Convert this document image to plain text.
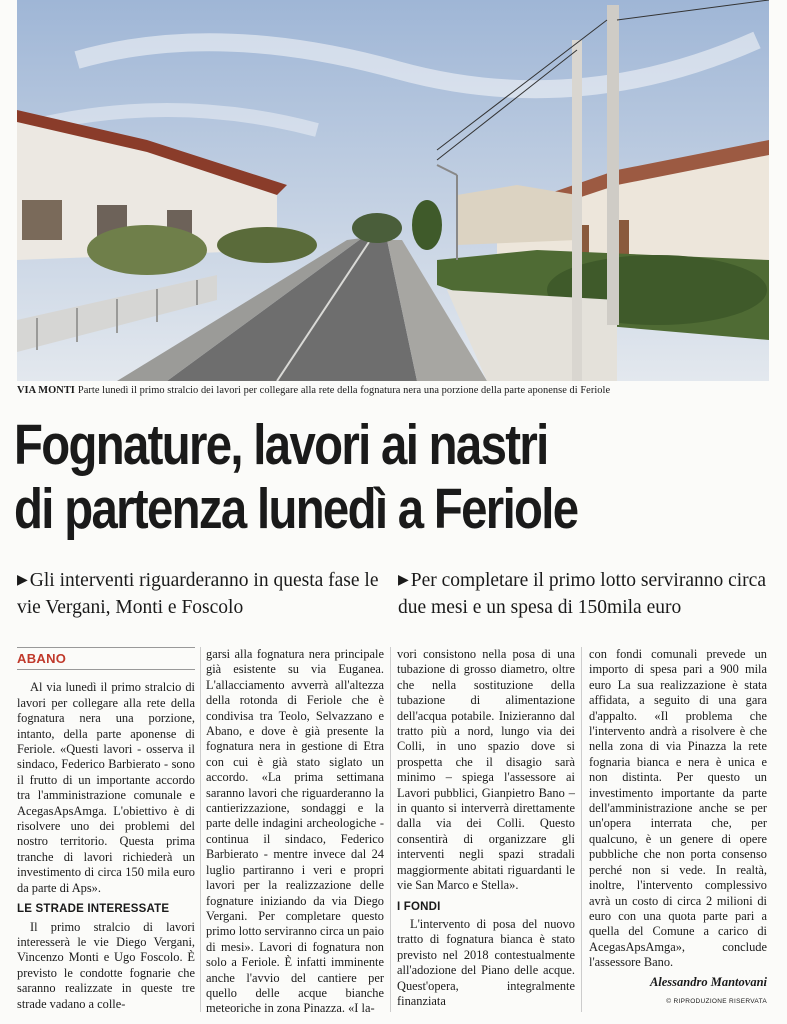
VIA MONTI Parte lunedì il primo stralcio dei lavori per collegare alla rete della fognatura nera una porzione della parte aponense di Feriole
Fognature, lavori ai nastri
di partenza lunedì a Feriole
▶ Gli interventi riguarderanno in questa fase le vie Vergani, Monti e Foscolo
▶ Per completare il primo lotto serviranno circa due mesi e un spesa di 150mila euro
ABANO

Al via lunedì il primo stralcio di lavori per collegare alla rete della fognatura nera una porzione, intanto, della parte aponense di Feriole. «Questi lavori - osserva il sindaco, Federico Barbierato - sono il frutto di un importante accordo tra l'amministrazione comunale e AcegasApsAmga. L'obiettivo è di risolvere uno dei problemi del nostro territorio. Questa prima tranche di lavori richiederà un investimento di circa 150 mila euro da parte di Aps».

LE STRADE INTERESSATE

Il primo stralcio di lavori interesserà le vie Diego Vergani, Vincenzo Monti e Ugo Foscolo. È previsto le condotte fognarie che saranno realizzate in queste tre strade vadano a colle-

garsi alla fognatura nera principale già esistente su via Euganea. L'allacciamento avverrà all'altezza della rotonda di Feriole che è condivisa tra Teolo, Selvazzano e Abano, e dove è già presente la fognatura nera in gestione di Etra con cui è già stato siglato un accordo. «La prima settimana saranno lavori che riguarderanno la cantierizzazione, sondaggi e la parte delle indagini archeologiche - continua il sindaco, Federico Barbierato - mentre invece dal 24 luglio partiranno i veri e propri lavori per la realizzazione delle fognature iniziando da via Diego Vergani. Per completare questo primo lotto serviranno circa un paio di mesi». Lavori di fognatura non solo a Feriole. È infatti imminente anche l'avvio del cantiere per quello delle acque bianche meteoriche in zona Pinazza. «I la-

vori consistono nella posa di una tubazione di grosso diametro, oltre che nella sostituzione della tubazione di alimentazione dell'acqua potabile. Inizieranno dal tratto più a nord, lungo via dei Colli, in uno spazio dove si prospetta che il disagio sarà minimo – spiega l'assessore ai Lavori pubblici, Gianpietro Bano – in quanto si interverrà direttamente dalla via dei Colli. Questo consentirà di organizzare gli interventi negli spazi stradali maggiormente abitati riguardanti le vie San Marco e Stella».

I FONDI

L'intervento di posa del nuovo tratto di fognatura bianca è stato previsto nel 2018 contestualmente all'adozione del Piano delle acque. Quest'opera, integralmente finanziata

con fondi comunali prevede un importo di spesa pari a 900 mila euro La sua realizzazione è stata affidata, a seguito di una gara d'appalto. «Il problema che l'intervento andrà a risolvere è che nella zona di via Pinazza la rete fognaria bianca e nera è unica e non distinta. Per questo un investimento importante da parte dell'amministrazione anche se per un'opera interrata che, per qualcuno, è un genere di opere pubbliche che non porta consenso perché non si vede. In realtà, inoltre, l'intervento complessivo avrà un costo di circa 2 milioni di euro con una quota parte pari a quella del Comune a carico di AcegasApsAmga», conclude l'assessore Bano.

Alessandro Mantovani
© RIPRODUZIONE RISERVATA
